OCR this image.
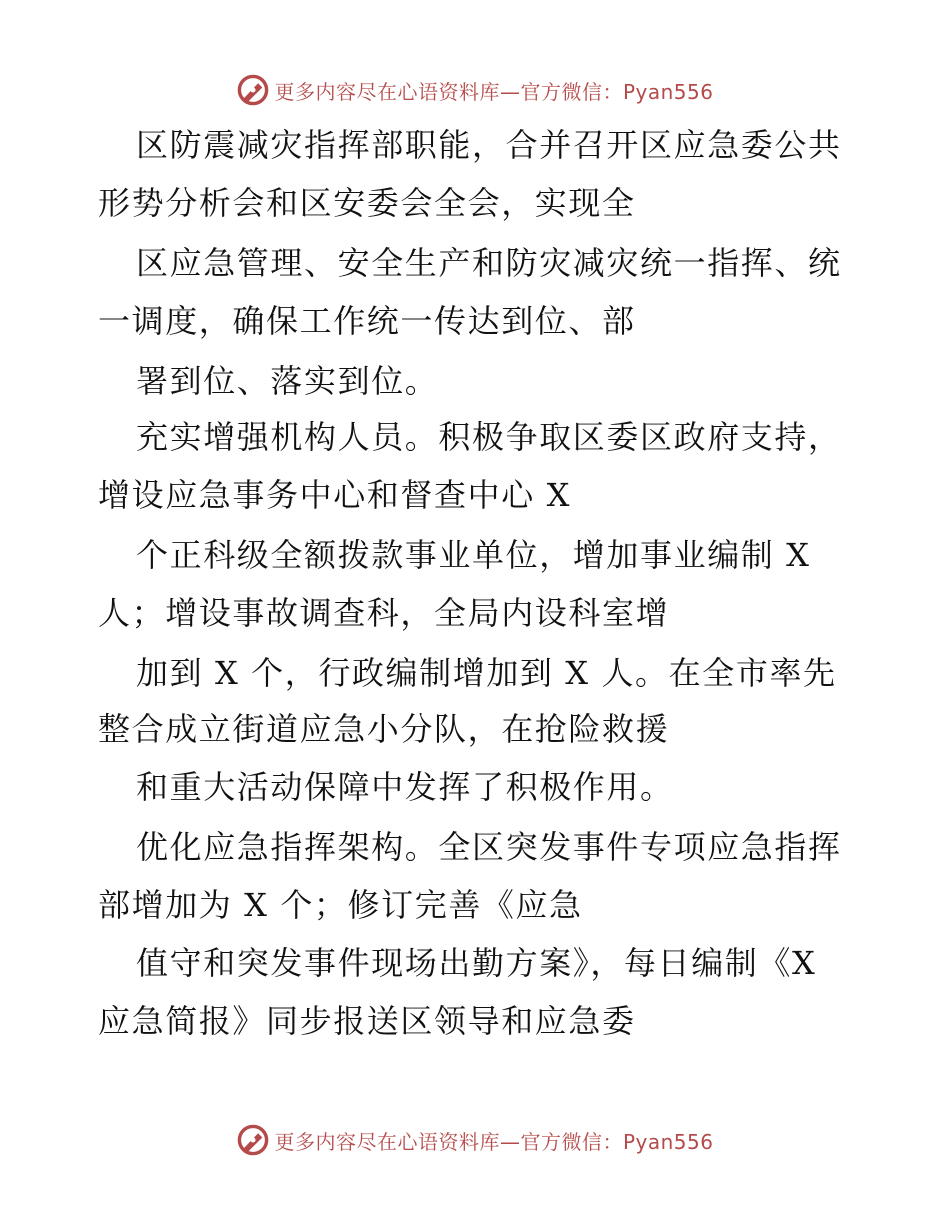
更多内容尽在心语资料库—官方微信：Pyan556
区防震减灾指挥部职能，合并召开区应急委公共
形势分析会和区安委会全会，实现全
区应急管理、安全生产和防灾减灾统一指挥、统
一调度，确保工作统一传达到位、部
署到位、落实到位。
充实增强机构人员。积极争取区委区政府支持，
增设应急事务中心和督查中心 X
个正科级全额拨款事业单位，增加事业编制 X
人；增设事故调查科，全局内设科室增
加到 X 个，行政编制增加到 X 人。在全市率先
整合成立街道应急小分队，在抢险救援
和重大活动保障中发挥了积极作用。
优化应急指挥架构。全区突发事件专项应急指挥
部增加为 X 个；修订完善《应急
值守和突发事件现场出勤方案》，每日编制《X
应急简报》同步报送区领导和应急委
更多内容尽在心语资料库—官方微信：Pyan556
